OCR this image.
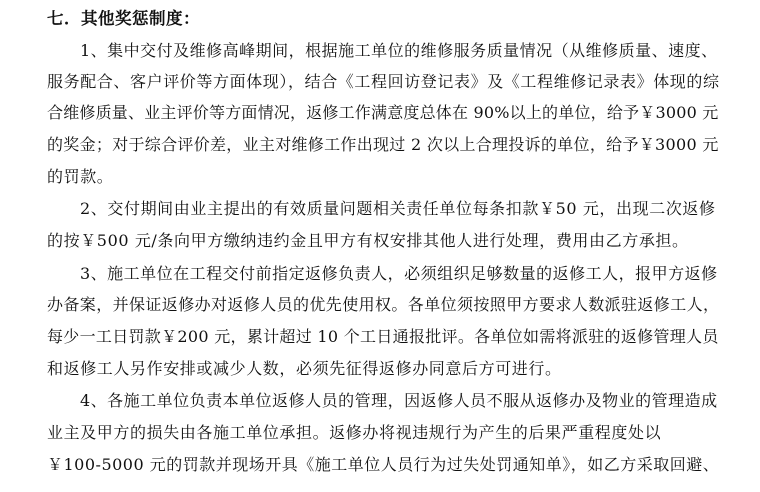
七．其他奖惩制度：
1、集中交付及维修高峰期间，根据施工单位的维修服务质量情况（从维修质量、速度、
服务配合、客户评价等方面体现），结合《工程回访登记表》及《工程维修记录表》体现的综
合维修质量、业主评价等方面情况，返修工作满意度总体在 90%以上的单位，给予￥3000 元
的奖金；对于综合评价差，业主对维修工作出现过 2 次以上合理投诉的单位，给予￥3000 元
的罚款。
2、交付期间由业主提出的有效质量问题相关责任单位每条扣款￥50 元，出现二次返修
的按￥500 元/条向甲方缴纳违约金且甲方有权安排其他人进行处理，费用由乙方承担。
3、施工单位在工程交付前指定返修负责人，必须组织足够数量的返修工人，报甲方返修
办备案，并保证返修办对返修人员的优先使用权。各单位须按照甲方要求人数派驻返修工人，
每少一工日罚款￥200 元，累计超过 10 个工日通报批评。各单位如需将派驻的返修管理人员
和返修工人另作安排或减少人数，必须先征得返修办同意后方可进行。
4、各施工单位负责本单位返修人员的管理，因返修人员不服从返修办及物业的管理造成
业主及甲方的损失由各施工单位承担。返修办将视违规行为产生的后果严重程度处以
￥100-5000 元的罚款并现场开具《施工单位人员行为过失处罚通知单》，如乙方采取回避、
